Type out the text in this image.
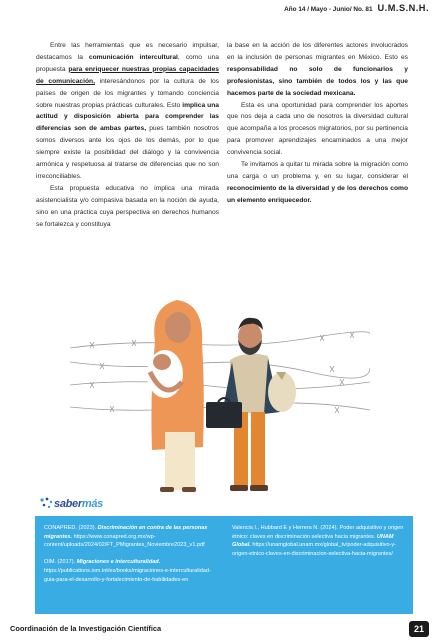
Año 14 / Mayo - Junio/ No. 81 U.M.S.N.H.

Entre las herramientas que es necesario impulsar, destacamos la comunicación intercultural, como una propuesta para enriquecer nuestras propias capacidades de comunicación, interesándonos por la cultura de los países de origen de los migrantes y tomando conciencia sobre nuestras propias prácticas culturales. Esto implica una actitud y disposición abierta para comprender las diferencias son de ambas partes, pues también nosotros somos diversos ante los ojos de los demás, por lo que siempre existe la posibilidad del diálogo y la convivencia armónica y respetuosa al tratarse de diferencias que no son irreconciliables.

Esta propuesta educativa no implica una mirada asistencialista y/o compasiva basada en la noción de ayuda, sino en una práctica cuya perspectiva en derechos humanos se fortalezca y constituya

la base en la acción de los diferentes actores involucrados en la inclusión de personas migrantes en México. Esto es responsabilidad no solo de funcionarios y profesionistas, sino también de todos los y las que hacemos parte de la sociedad mexicana.

Esta es una oportunidad para comprender los aportes que nos deja a cada uno de nosotros la diversidad cultural que acompaña a los procesos migratorios, por su pertinencia para promover aprendizajes encaminados a una mejor convivencia social.

Te invitamos a quitar tu mirada sobre la migración como una carga o un problema y, en su lugar, considerar el reconocimiento de la diversidad y de los derechos como un elemento enriquecedor.

sabermás

CONAPRED. (2023). Discriminación en contra de las personas migrantes. https://www.conapred.org.mx/wp-content/uploads/2024/02/FT_PMigrantes_Noviembre2023_v1.pdf

OIM. (2017). Migraciones e interculturalidad. https://publications.iom.int/es/books/migraciones-e-interculturalidad-guia-para-el-desarrollo-y-fortalecimiento-de-habilidades-en

Valencia I., Hubbard E y Herrera N. (2024). Poder adquisitivo y origen étnico: claves en discriminación selectiva hacia migrantes. UNAM Global. https://unamglobal.unam.mx/global_tv/poder-adquisitivo-y-origen-etnico-claves-en-discriminacion-selectiva-hacia-migrantes/

Coordinación de la Investigación Científica	21
